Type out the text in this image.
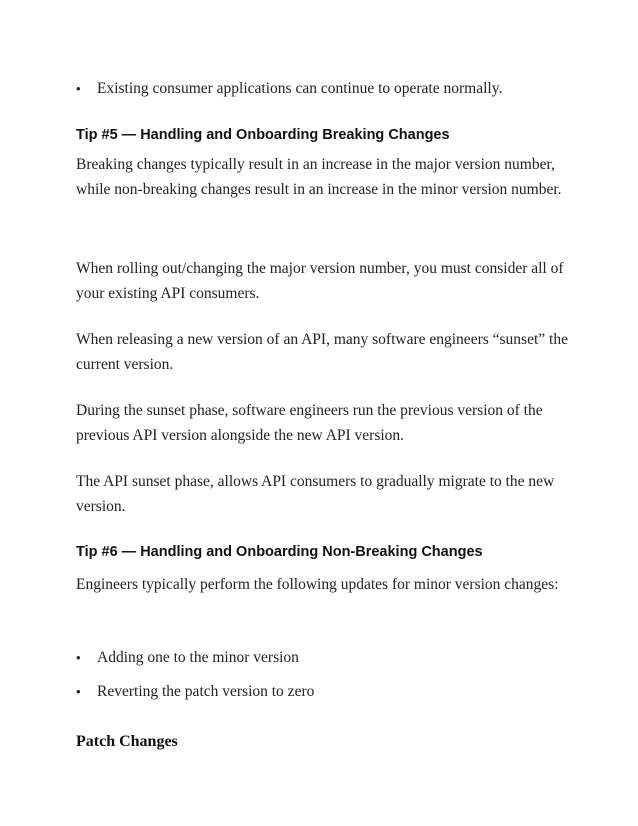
•	Existing consumer applications can continue to operate normally.
Tip #5 — Handling and Onboarding Breaking Changes

Breaking changes typically result in an increase in the major version number, while non-breaking changes result in an increase in the minor version number.

When rolling out/changing the major version number, you must consider all of your existing API consumers.

When releasing a new version of an API, many software engineers “sunset” the current version.

During the sunset phase, software engineers run the previous version of the previous API version alongside the new API version.

The API sunset phase, allows API consumers to gradually migrate to the new version.

Tip #6 — Handling and Onboarding Non-Breaking Changes

Engineers typically perform the following updates for minor version changes:

•	Adding one to the minor version
•	Reverting the patch version to zero
Patch Changes
